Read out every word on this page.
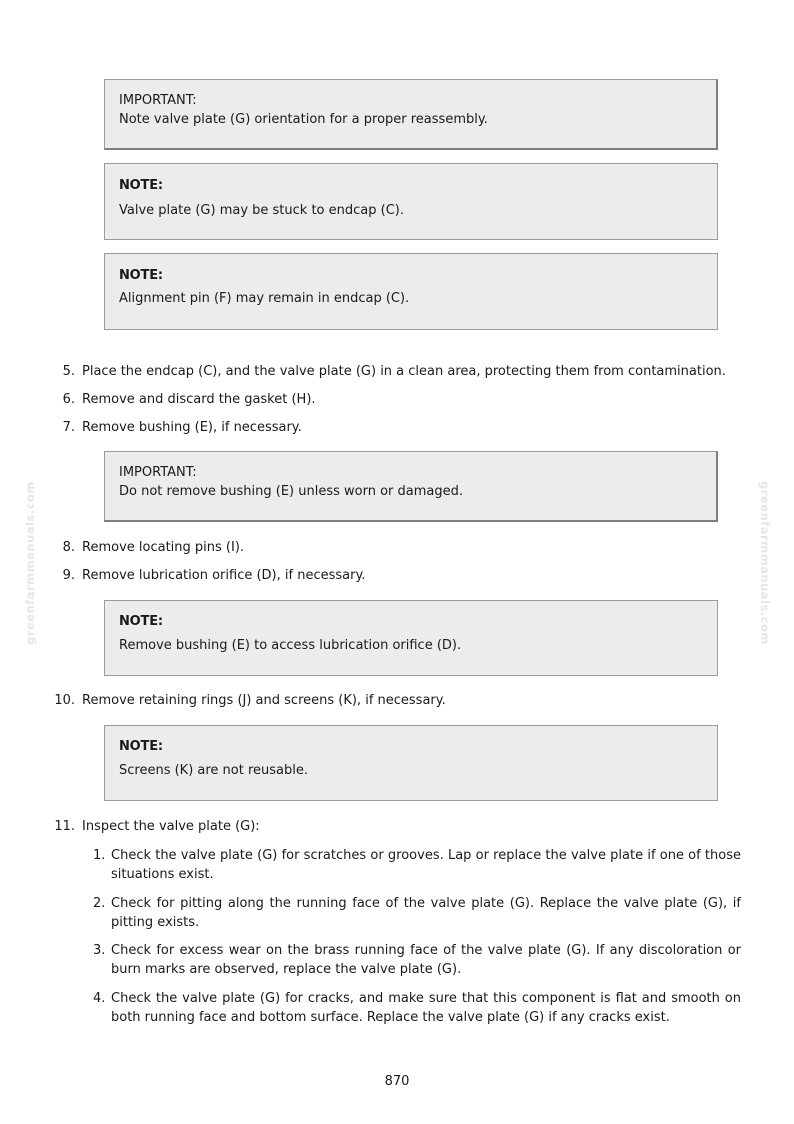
greenfarmmanuals.com	greenfarmmanuals.com
IMPORTANT:
Note valve plate (G) orientation for a proper reassembly.
NOTE:
Valve plate (G) may be stuck to endcap (C).
NOTE:
Alignment pin (F) may remain in endcap (C).
5. Place the endcap (C), and the valve plate (G) in a clean area, protecting them from contamination.
6. Remove and discard the gasket (H).
7. Remove bushing (E), if necessary.
IMPORTANT:
Do not remove bushing (E) unless worn or damaged.
8. Remove locating pins (I).
9. Remove lubrication orifice (D), if necessary.
NOTE:
Remove bushing (E) to access lubrication orifice (D).
10. Remove retaining rings (J) and screens (K), if necessary.
NOTE:
Screens (K) are not reusable.
11. Inspect the valve plate (G):
1. Check the valve plate (G) for scratches or grooves. Lap or replace the valve plate if one of those situations exist.
2. Check for pitting along the running face of the valve plate (G). Replace the valve plate (G), if pitting exists.
3. Check for excess wear on the brass running face of the valve plate (G). If any discoloration or burn marks are observed, replace the valve plate (G).
4. Check the valve plate (G) for cracks, and make sure that this component is flat and smooth on both running face and bottom surface. Replace the valve plate (G) if any cracks exist.
870
